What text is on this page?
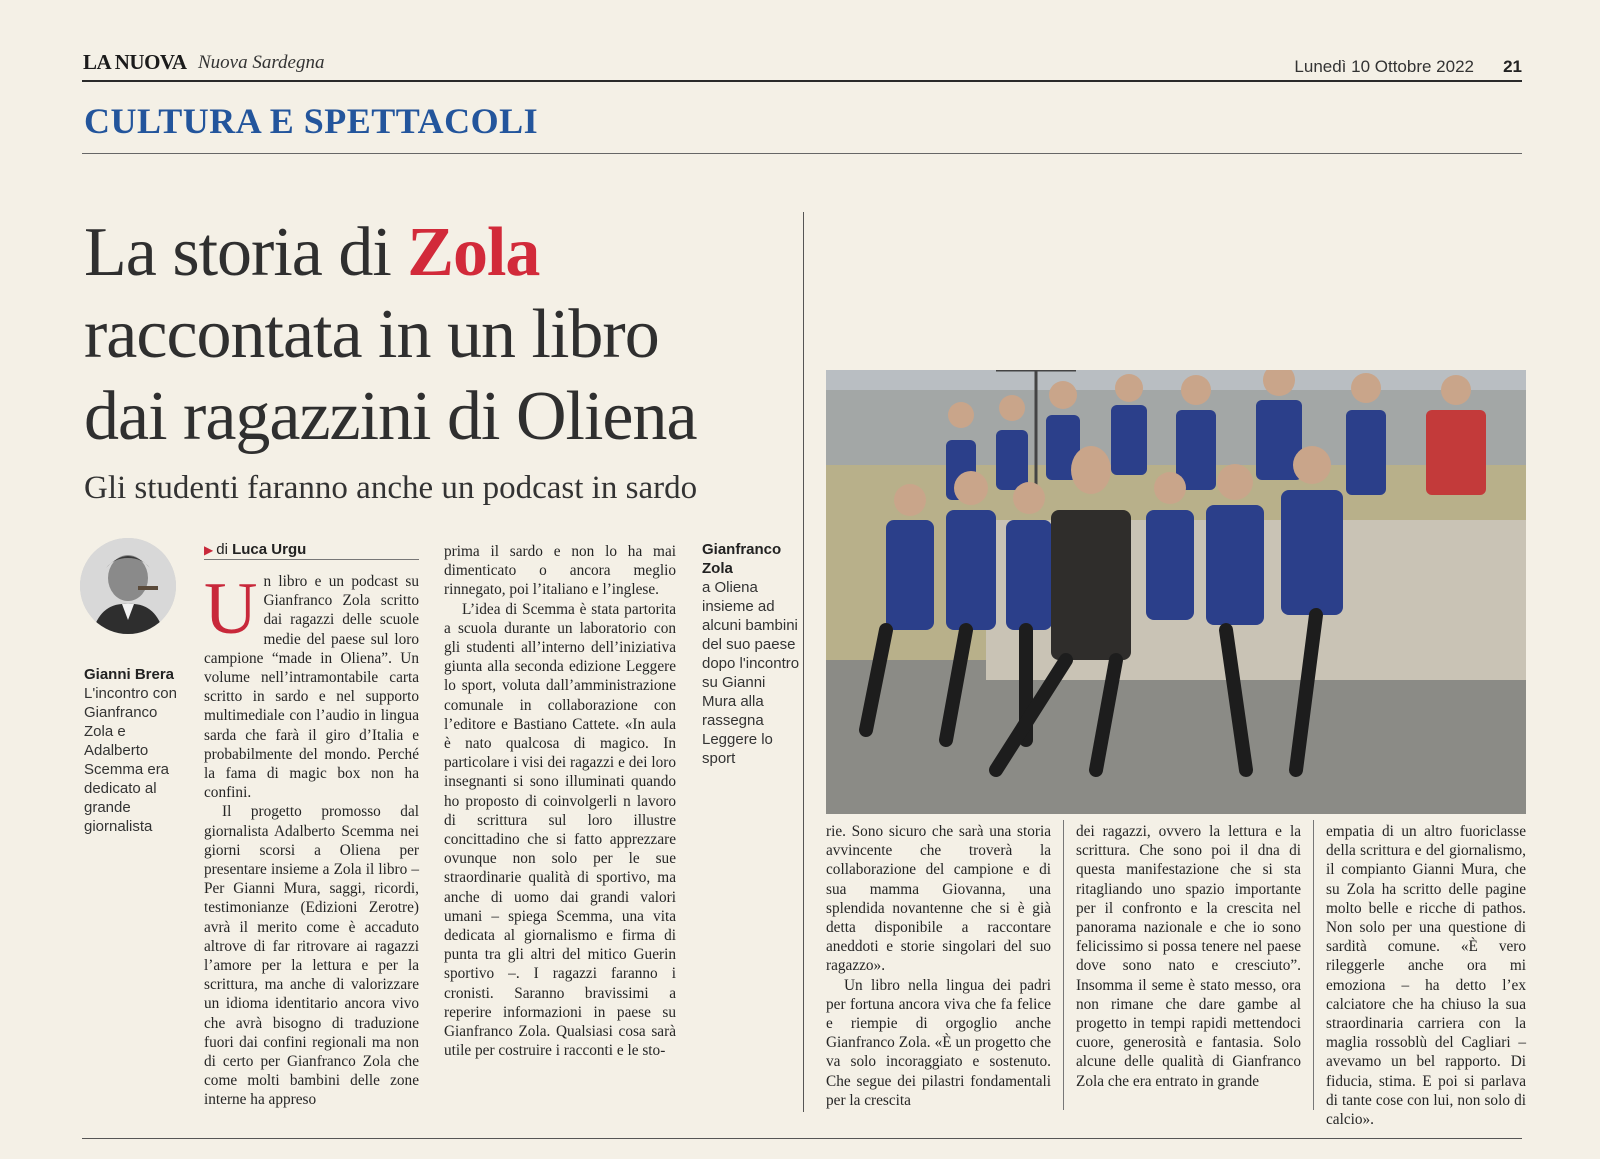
LA NUOVA Nuova Sardegna	Lunedì 10 Ottobre 2022 21
CULTURA E SPETTACOLI
La storia di Zola
raccontata in un libro
dai ragazzini di Oliena
Gli studenti faranno anche un podcast in sardo
Gianni Brera
L'incontro con Gianfranco Zola e Adalberto Scemma era dedicato al grande giornalista
▶ di Luca Urgu
U n libro e un podcast su Gianfranco Zola scritto dai ragazzi delle scuole medie del paese sul loro campione “made in Oliena”. Un volume nell’intramontabile carta scritto in sardo e nel supporto multimediale con l’audio in lingua sarda che farà il giro d’Italia e probabilmente del mondo. Perché la fama di magic box non ha confini.

Il progetto promosso dal giornalista Adalberto Scemma nei giorni scorsi a Oliena per presentare insieme a Zola il libro – Per Gianni Mura, saggi, ricordi, testimonianze (Edizioni Zerotre) avrà il merito come è accaduto altrove di far ritrovare ai ragazzi l’amore per la lettura e per la scrittura, ma anche di valorizzare un idioma identitario ancora vivo che avrà bisogno di traduzione fuori dai confini regionali ma non di certo per Gianfranco Zola che come molti bambini delle zone interne ha appreso

prima il sardo e non lo ha mai dimenticato o ancora meglio rinnegato, poi l’italiano e l’inglese.

L’idea di Scemma è stata partorita a scuola durante un laboratorio con gli studenti all’interno dell’iniziativa giunta alla seconda edizione Leggere lo sport, voluta dall’amministrazione comunale in collaborazione con l’editore e Bastiano Cattete. «In aula è nato qualcosa di magico. In particolare i visi dei ragazzi e dei loro insegnanti si sono illuminati quando ho proposto di coinvolgerli n lavoro di scrittura sul loro illustre concittadino che si fatto apprezzare ovunque non solo per le sue straordinarie qualità di sportivo, ma anche di uomo dai grandi valori umani – spiega Scemma, una vita dedicata al giornalismo e firma di punta tra gli altri del mitico Guerin sportivo –. I ragazzi faranno i cronisti. Saranno bravissimi a reperire informazioni in paese su Gianfranco Zola. Qualsiasi cosa sarà utile per costruire i racconti e le sto-

Gianfranco Zola
a Oliena insieme ad alcuni bambini del suo paese dopo l'incontro su Gianni Mura alla rassegna Leggere lo sport

rie. Sono sicuro che sarà una storia avvincente che troverà la collaborazione del campione e di sua mamma Giovanna, una splendida novantenne che si è già detta disponibile a raccontare aneddoti e storie singolari del suo ragazzo».

Un libro nella lingua dei padri per fortuna ancora viva che fa felice e riempie di orgoglio anche Gianfranco Zola. «È un progetto che va solo incoraggiato e sostenuto. Che segue dei pilastri fondamentali per la crescita

dei ragazzi, ovvero la lettura e la scrittura. Che sono poi il dna di questa manifestazione che si sta ritagliando uno spazio importante per il confronto e la crescita nel panorama nazionale e che io sono felicissimo si possa tenere nel paese dove sono nato e cresciuto”. Insomma il seme è stato messo, ora non rimane che dare gambe al progetto in tempi rapidi mettendoci cuore, generosità e fantasia. Solo alcune delle qualità di Gianfranco Zola che era entrato in grande

empatia di un altro fuoriclasse della scrittura e del giornalismo, il compianto Gianni Mura, che su Zola ha scritto delle pagine molto belle e ricche di pathos. Non solo per una questione di sardità comune. «È vero rileggerle anche ora mi emoziona – ha detto l’ex calciatore che ha chiuso la sua straordinaria carriera con la maglia rossoblù del Cagliari – avevamo un bel rapporto. Di fiducia, stima. E poi si parlava di tante cose con lui, non solo di calcio».
